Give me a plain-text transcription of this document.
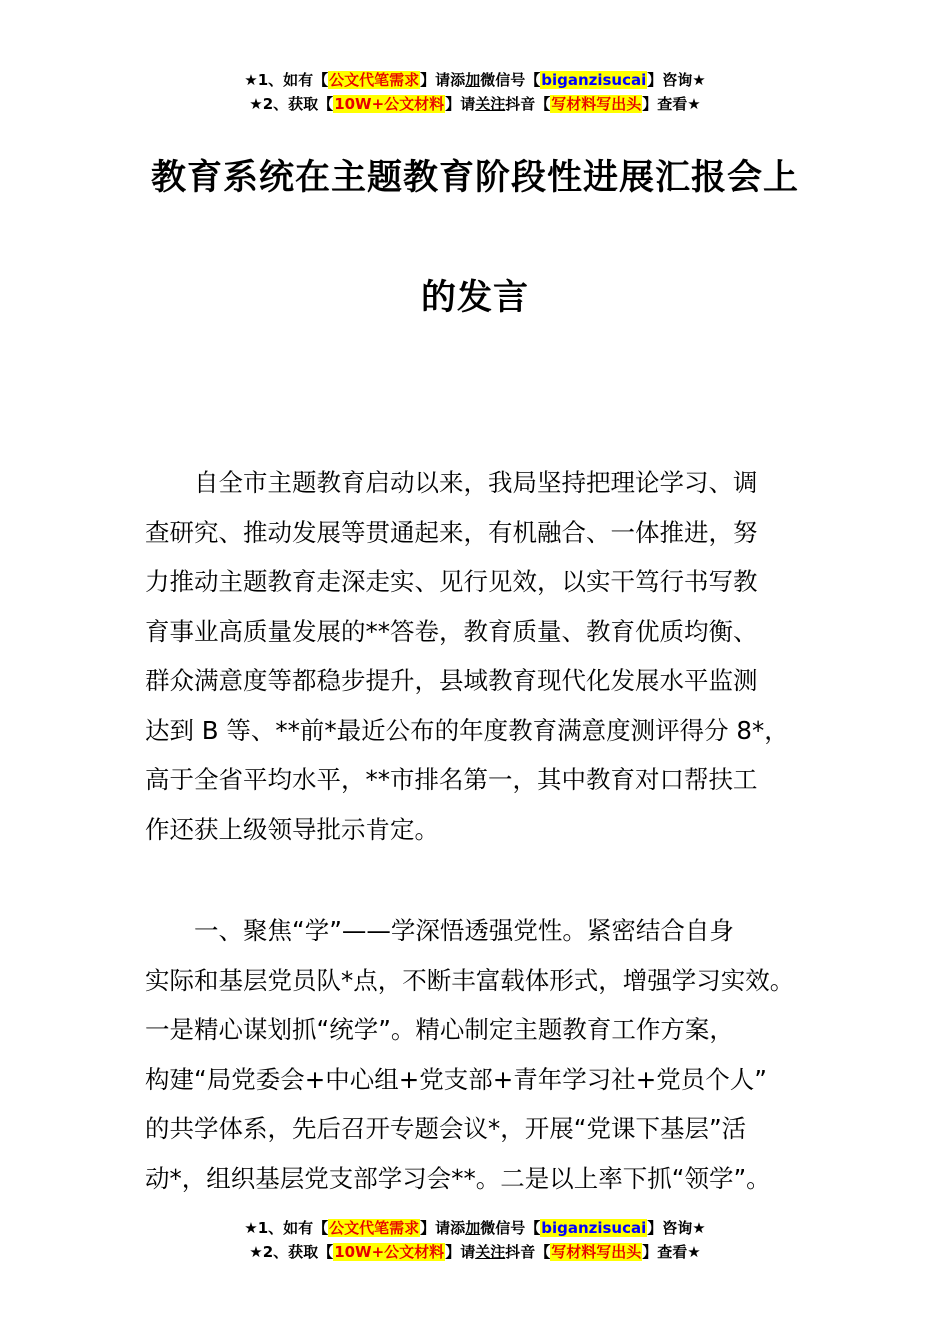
★1、如有【公文代笔需求】请添加微信号【biganzisucai】咨询★
★2、获取【10W+公文材料】请关注抖音【写材料写出头】查看★
教育系统在主题教育阶段性进展汇报会上
的发言
自全市主题教育启动以来，我局坚持把理论学习、调
查研究、推动发展等贯通起来，有机融合、一体推进，努
力推动主题教育走深走实、见行见效，以实干笃行书写教
育事业高质量发展的**答卷，教育质量、教育优质均衡、
群众满意度等都稳步提升，县域教育现代化发展水平监测
达到 B 等、**前*最近公布的年度教育满意度测评得分 8*，
高于全省平均水平，**市排名第一，其中教育对口帮扶工
作还获上级领导批示肯定。
一、聚焦“学”——学深悟透强党性。紧密结合自身
实际和基层党员队*点，不断丰富载体形式，增强学习实效。
一是精心谋划抓“统学”。精心制定主题教育工作方案，
构建“局党委会+中心组+党支部+青年学习社+党员个人”
的共学体系，先后召开专题会议*，开展“党课下基层”活
动*，组织基层党支部学习会**。二是以上率下抓“领学”。
★1、如有【公文代笔需求】请添加微信号【biganzisucai】咨询★
★2、获取【10W+公文材料】请关注抖音【写材料写出头】查看★
